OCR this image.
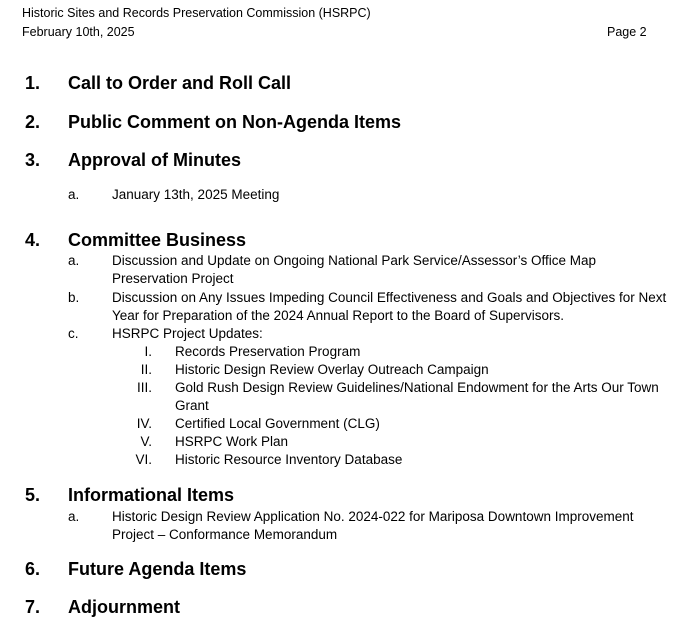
Historic Sites and Records Preservation Commission (HSRPC)
February 10th, 2025	Page 2
1. Call to Order and Roll Call
2. Public Comment on Non-Agenda Items
3. Approval of Minutes
a. January 13th, 2025 Meeting
4. Committee Business
a. Discussion and Update on Ongoing National Park Service/Assessor’s Office Map Preservation Project
b. Discussion on Any Issues Impeding Council Effectiveness and Goals and Objectives for Next Year for Preparation of the 2024 Annual Report to the Board of Supervisors.
c. HSRPC Project Updates:
I. Records Preservation Program
II. Historic Design Review Overlay Outreach Campaign
III. Gold Rush Design Review Guidelines/National Endowment for the Arts Our Town Grant
IV. Certified Local Government (CLG)
V. HSRPC Work Plan
VI. Historic Resource Inventory Database
5. Informational Items
a. Historic Design Review Application No. 2024-022 for Mariposa Downtown Improvement Project – Conformance Memorandum
6. Future Agenda Items
7. Adjournment
